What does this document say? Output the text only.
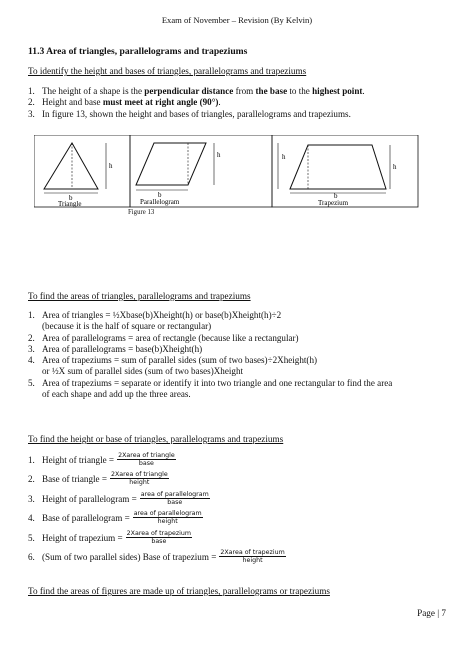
Exam of November – Revision (By Kelvin)
11.3 Area of triangles, parallelograms and trapeziums
To identify the height and bases of triangles, parallelograms and trapeziums
1. The height of a shape is the perpendicular distance from the base to the highest point.
2. Height and base must meet at right angle (90°).
3. In figure 13, shown the height and bases of triangles, parallelograms and trapeziums.
h
b
Triangle
h
b
Parallelogram
h
h
b
Trapezium
Figure 13
To find the areas of triangles, parallelograms and trapeziums
1. Area of triangles = ½Xbase(b)Xheight(h) or base(b)Xheight(h)÷2
(because it is the half of square or rectangular)
2. Area of parallelograms = area of rectangle (because like a rectangular)
3. Area of parallelograms = base(b)Xheight(h)
4. Area of trapeziums = sum of parallel sides (sum of two bases)÷2Xheight(h)
or ½X sum of parallel sides (sum of two bases)Xheight
5. Area of trapeziums = separate or identify it into two triangle and one rectangular to find the area
of each shape and add up the three areas.
To find the height or base of triangles, parallelograms and trapeziums
1. Height of triangle = $\frac{\text{2Xarea of triangle}}{\text{base}}$
2. Base of triangle = $\frac{\text{2Xarea of triangle}}{\text{height}}$
3. Height of parallelogram = $\frac{\text{area of parallelogram}}{\text{base}}$
4. Base of parallelogram = $\frac{\text{area of parallelogram}}{\text{height}}$
5. Height of trapezium = $\frac{\text{2Xarea of trapezium}}{\text{base}}$
6. (Sum of two parallel sides) Base of trapezium = $\frac{\text{2Xarea of trapezium}}{\text{height}}$
To find the areas of figures are made up of triangles, parallelograms or trapeziums
Page | 7
